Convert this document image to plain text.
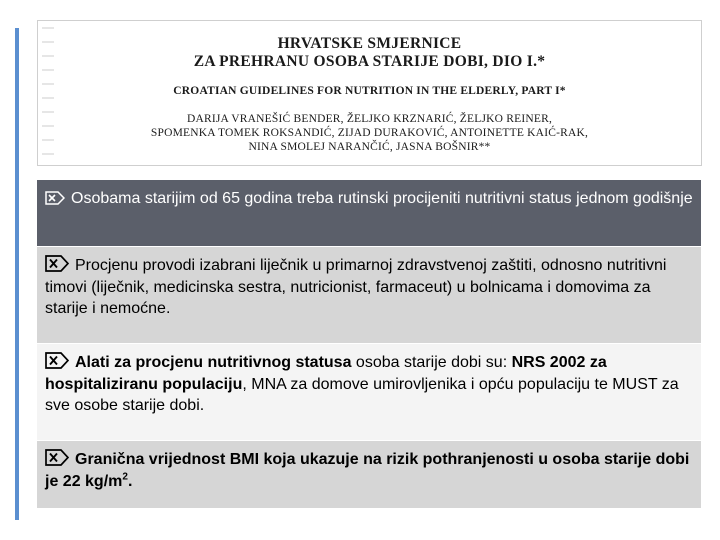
HRVATSKE SMJERNICE
ZA PREHRANU OSOBA STARIJE DOBI, DIO I.*
CROATIAN GUIDELINES FOR NUTRITION IN THE ELDERLY, PART I*
DARIJA VRANEŠIĆ BENDER, ŽELJKO KRZNARIĆ, ŽELJKO REINER,
SPOMENKA TOMEK ROKSANDIĆ, ZIJAD DURAKOVIĆ, ANTOINETTE KAIĆ-RAK,
NINA SMOLEJ NARANČIĆ, JASNA BOŠNIR**
Osobama starijim od 65 godina treba rutinski procijeniti nutritivni status jednom godišnje
Procjenu provodi izabrani liječnik u primarnoj zdravstvenoj zaštiti, odnosno nutritivni timovi (liječnik, medicinska sestra, nutricionist, farmaceut) u bolnicama i domovima za starije i nemoćne.
Alati za procjenu nutritivnog statusa osoba starije dobi su: NRS 2002 za hospitaliziranu populaciju, MNA za domove umirovljenika i opću populaciju te MUST za sve osobe starije dobi.
Granična vrijednost BMI koja ukazuje na rizik pothranjenosti u osoba starije dobi je 22 $kg/m^2$.
